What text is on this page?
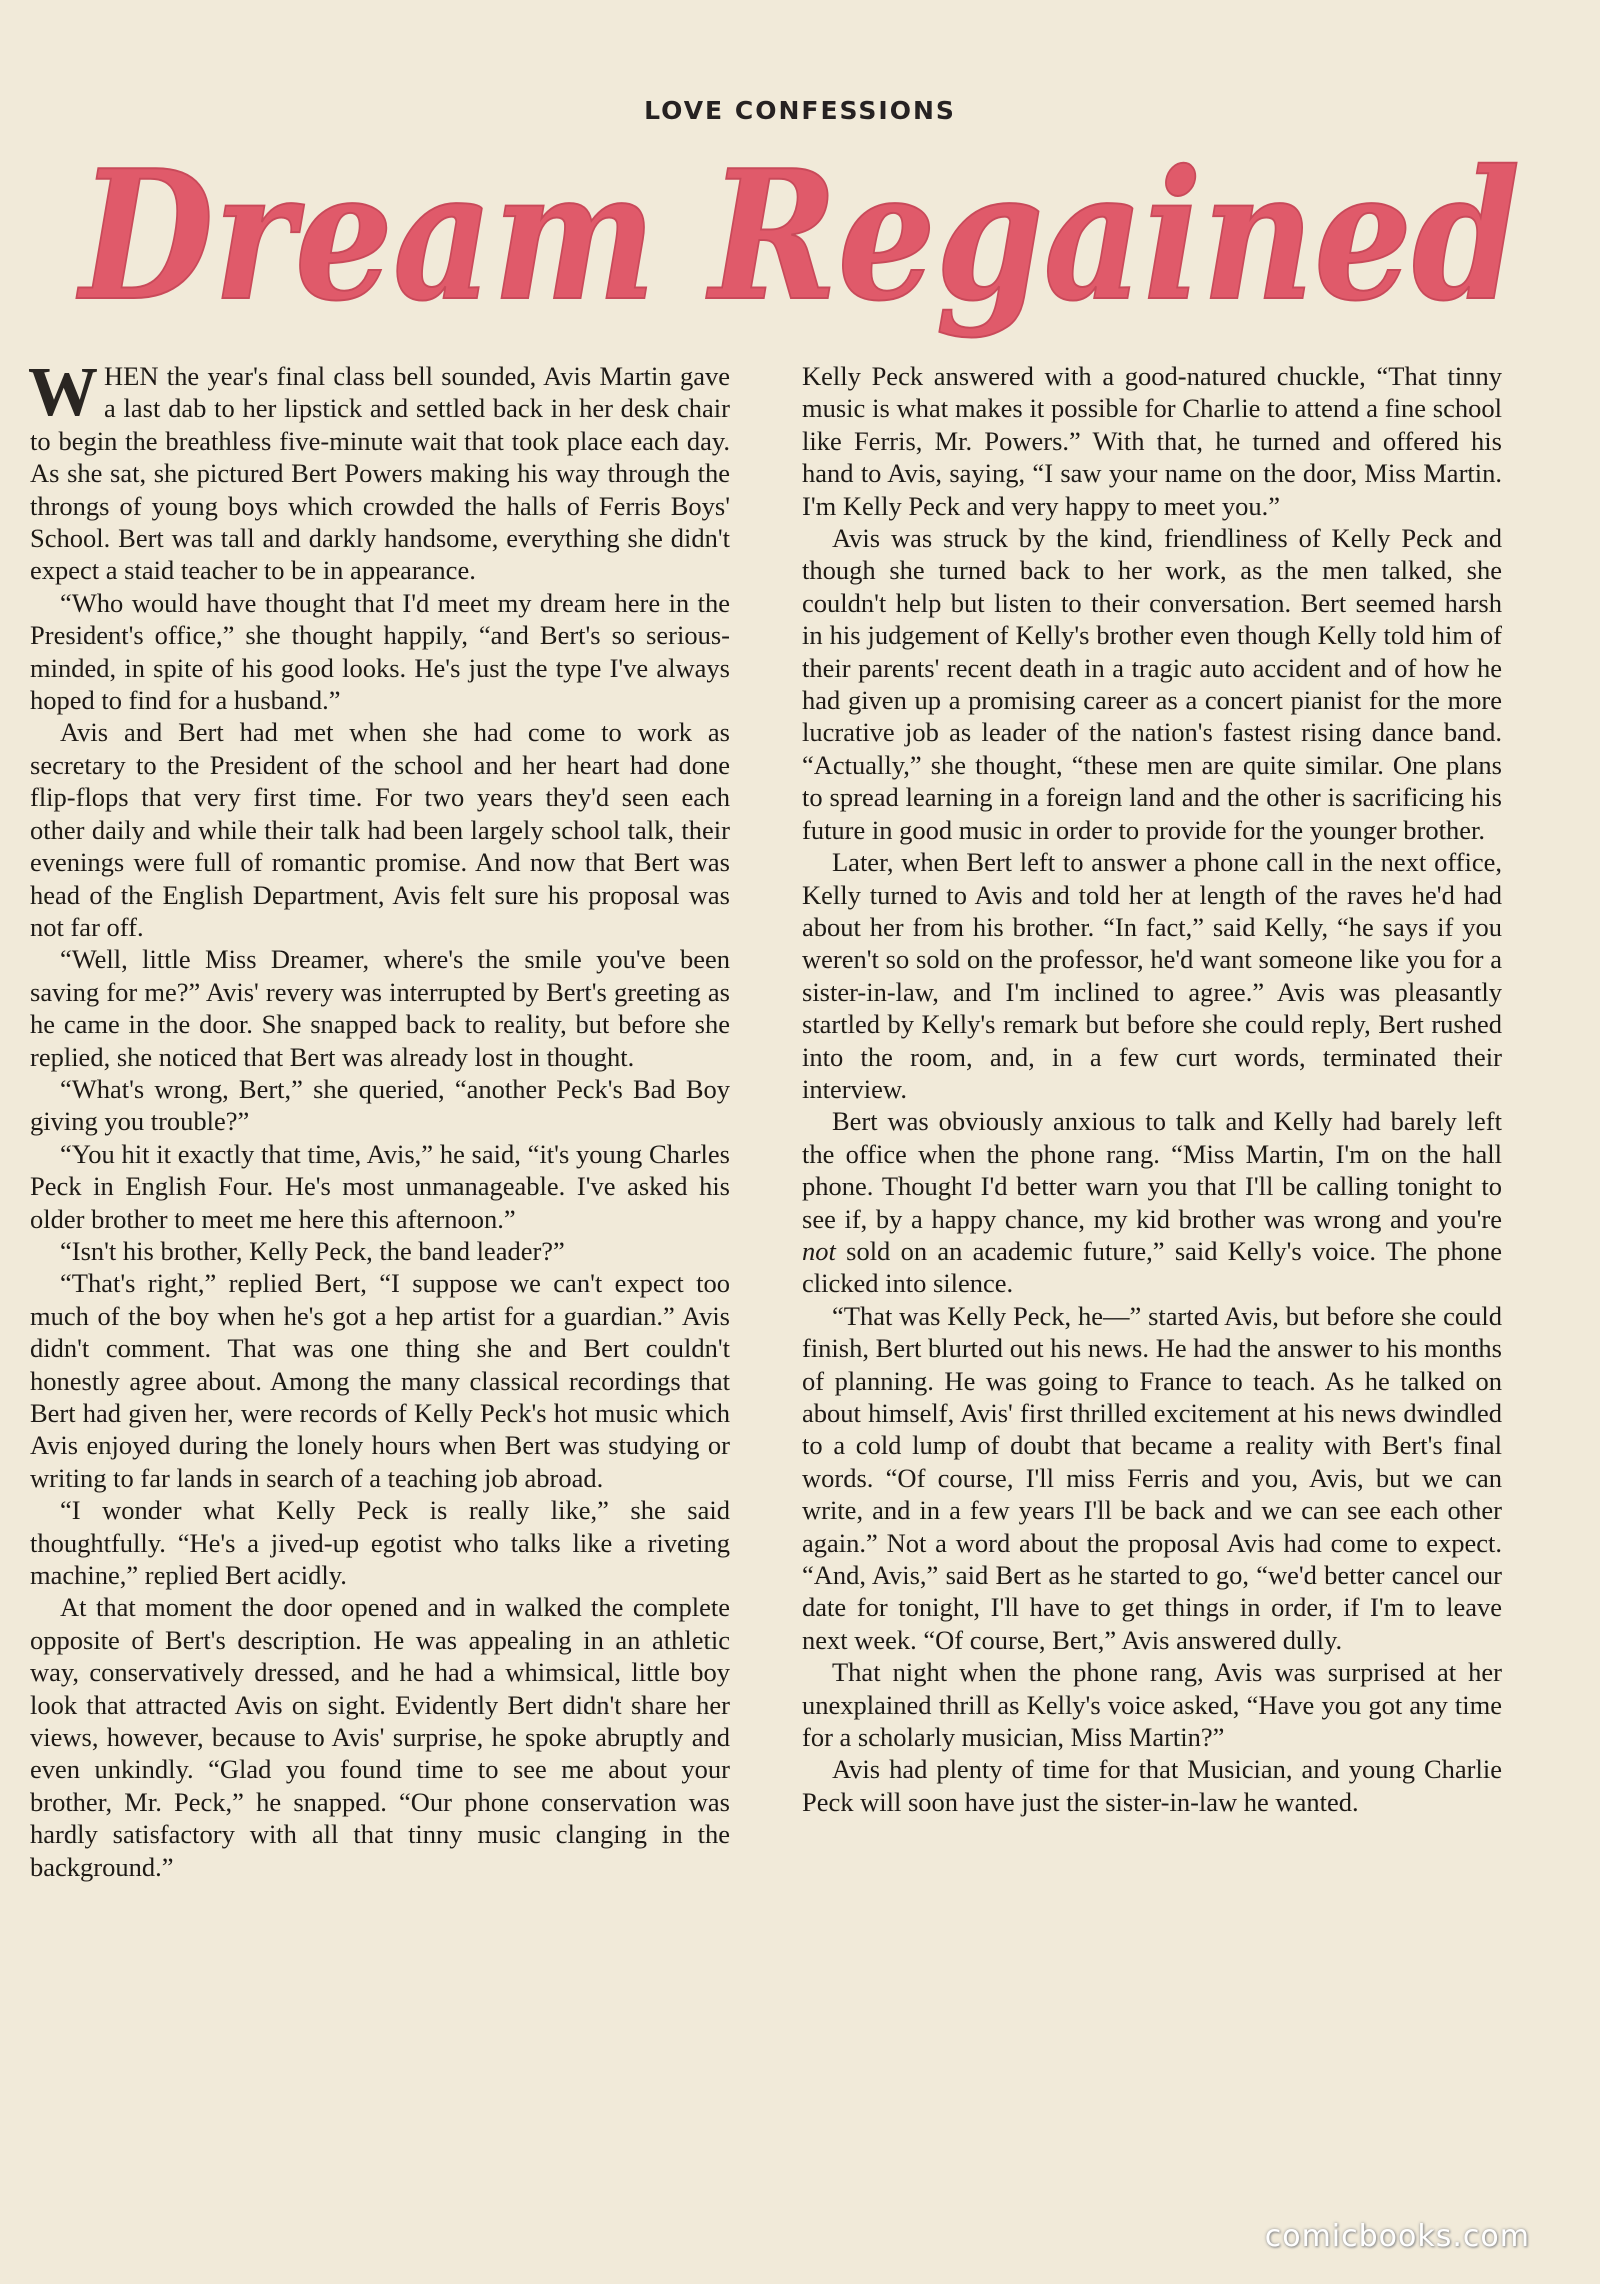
LOVE CONFESSIONS
Dream Regained

WHEN the year's final class bell sounded, Avis Martin gave a last dab to her lipstick and settled back in her desk chair to begin the breathless five-minute wait that took place each day. As she sat, she pictured Bert Powers making his way through the throngs of young boys which crowded the halls of Ferris Boys' School. Bert was tall and darkly handsome, everything she didn't expect a staid teacher to be in appearance.

“Who would have thought that I'd meet my dream here in the President's office,” she thought happily, “and Bert's so serious-minded, in spite of his good looks. He's just the type I've always hoped to find for a husband.”

Avis and Bert had met when she had come to work as secretary to the President of the school and her heart had done flip-flops that very first time. For two years they'd seen each other daily and while their talk had been largely school talk, their evenings were full of romantic promise. And now that Bert was head of the English Department, Avis felt sure his proposal was not far off.

“Well, little Miss Dreamer, where's the smile you've been saving for me?” Avis' revery was interrupted by Bert's greeting as he came in the door. She snapped back to reality, but before she replied, she noticed that Bert was already lost in thought.

“What's wrong, Bert,” she queried, “another Peck's Bad Boy giving you trouble?”

“You hit it exactly that time, Avis,” he said, “it's young Charles Peck in English Four. He's most unmanageable. I've asked his older brother to meet me here this afternoon.”

“Isn't his brother, Kelly Peck, the band leader?”

“That's right,” replied Bert, “I suppose we can't expect too much of the boy when he's got a hep artist for a guardian.” Avis didn't comment. That was one thing she and Bert couldn't honestly agree about. Among the many classical recordings that Bert had given her, were records of Kelly Peck's hot music which Avis enjoyed during the lonely hours when Bert was studying or writing to far lands in search of a teaching job abroad.

“I wonder what Kelly Peck is really like,” she said thoughtfully. “He's a jived-up egotist who talks like a riveting machine,” replied Bert acidly.

At that moment the door opened and in walked the complete opposite of Bert's description. He was appealing in an athletic way, conservatively dressed, and he had a whimsical, little boy look that attracted Avis on sight. Evidently Bert didn't share her views, however, because to Avis' surprise, he spoke abruptly and even unkindly. “Glad you found time to see me about your brother, Mr. Peck,” he snapped. “Our phone conservation was hardly satisfactory with all that tinny music clanging in the background.”

Kelly Peck answered with a good-natured chuckle, “That tinny music is what makes it possible for Charlie to attend a fine school like Ferris, Mr. Powers.” With that, he turned and offered his hand to Avis, saying, “I saw your name on the door, Miss Martin. I'm Kelly Peck and very happy to meet you.”

Avis was struck by the kind, friendliness of Kelly Peck and though she turned back to her work, as the men talked, she couldn't help but listen to their conversation. Bert seemed harsh in his judgement of Kelly's brother even though Kelly told him of their parents' recent death in a tragic auto accident and of how he had given up a promising career as a concert pianist for the more lucrative job as leader of the nation's fastest rising dance band. “Actually,” she thought, “these men are quite similar. One plans to spread learning in a foreign land and the other is sacrificing his future in good music in order to provide for the younger brother.

Later, when Bert left to answer a phone call in the next office, Kelly turned to Avis and told her at length of the raves he'd had about her from his brother. “In fact,” said Kelly, “he says if you weren't so sold on the professor, he'd want someone like you for a sister-in-law, and I'm inclined to agree.” Avis was pleasantly startled by Kelly's remark but before she could reply, Bert rushed into the room, and, in a few curt words, terminated their interview.

Bert was obviously anxious to talk and Kelly had barely left the office when the phone rang. “Miss Martin, I'm on the hall phone. Thought I'd better warn you that I'll be calling tonight to see if, by a happy chance, my kid brother was wrong and you're not sold on an academic future,” said Kelly's voice. The phone clicked into silence.

“That was Kelly Peck, he—” started Avis, but before she could finish, Bert blurted out his news. He had the answer to his months of planning. He was going to France to teach. As he talked on about himself, Avis' first thrilled excitement at his news dwindled to a cold lump of doubt that became a reality with Bert's final words. “Of course, I'll miss Ferris and you, Avis, but we can write, and in a few years I'll be back and we can see each other again.” Not a word about the proposal Avis had come to expect. “And, Avis,” said Bert as he started to go, “we'd better cancel our date for tonight, I'll have to get things in order, if I'm to leave next week. “Of course, Bert,” Avis answered dully.

That night when the phone rang, Avis was surprised at her unexplained thrill as Kelly's voice asked, “Have you got any time for a scholarly musician, Miss Martin?”

Avis had plenty of time for that Musician, and young Charlie Peck will soon have just the sister-in-law he wanted.

comicbooks.com
